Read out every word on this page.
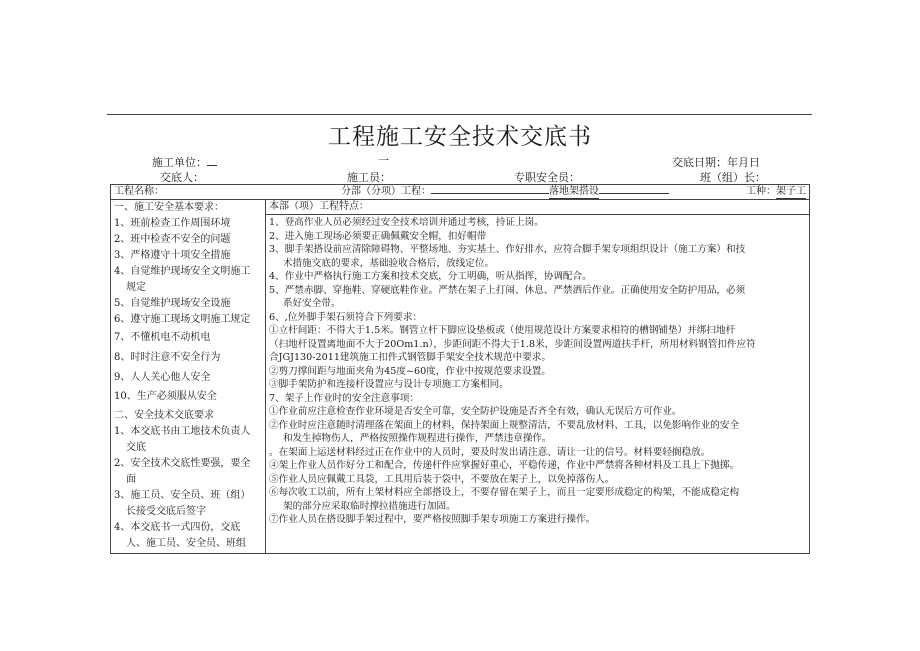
工程施工安全技术交底书
施工单位：	一	交底日期：年月日
交底人：	施工员：	专职安全员：	班（组）长：
工程名称：	分部（分项）工程：	落地架搭设	工种：架子工

一、施工安全基本要求：
1、班前检查工作周围环境
2、班中检查不安全的问题
3、严格遵守十项安全措施
4、自觉维护现场安全文明施工
规定
5、自觉维护现场安全设施
6、遵守施工现场文明施工规定
7、不懂机电不动机电
8、时时注意不安全行为
9、人人关心他人安全
10、生产必须服从安全
二、安全技术交底要求
1、本交底书由工地技术负责人
交底
2、安全技术交底性要强，要全
面
3、施工员、安全员、班（组）
长接受交底后签字
4、本交底书一式四份，交底
人、施工员、安全员、班组

本部（项）工程特点：
1、登高作业人员必须经过安全技术培训并通过考核，持证上岗。
2、进入施工现场必须要正确佩戴安全帽，扣好帽带
3、脚手架搭设前应清除障碍物、平整场地、夯实基土、作好排水，应符合脚手架专项组织设计（施工方案）和技
术措施交底的要求，基础验收合格后，放线定位。
4、作业中严格执行施工方案和技术交底，分工明确，听从指挥，协调配合。
5、严禁赤脚、穿拖鞋、穿硬底鞋作业。严禁在架子上打闹、休息、严禁洒后作业。正确使用安全防护用品，必须
系好安全带。
6、,位外脚手架石须符合下列要求：
①立杆间距：不得大于1.5米。钢管立杆下脚应设垫板或（使用规范设计方案要求相符的槽钢铺垫）并绑扫地杆
（扫地杆设置离地面不大于20Om1.n），步距间距不得大于1.8米，步距间设置两道扶手杆，所用材料钢管扣件应符
合JGJ130-2011建筑施工扣件式钢管脚手架安全技术规范中要求。
②剪刀撑间距与地面夹角为45度~60度，作业中按规范要求设置。
③脚手架防护和连接杆设置应与设计专项施工方案相同。
7、架子上作业时的安全注意事项：
①作业前应注意检查作业环境是否安全可靠，安全防护设施是否齐全有效，确认无误后方可作业。
②作业时应注意随时清理落在架面上的材料，保持架面上规整清洁，不要乱放材料、工具，以免影响作业的安全
和发生掉物伤人，严格按照操作规程进行操作，严禁违章操作。
。在架面上运送材料经过正在作业中的人员时，要及时发出请注意、请让一让的信号。材料要轻搁稳放。
④架上作业人员作好分工和配合，传递杆件应掌握好重心，平稳传递，作业中严禁将各种材料及工具上下抛掷。
⑤作业人员应佩戴工具袋，工具用后装于袋中，不要放在架子上，以免掉落伤人。
⑥每次收工以前，所有上架材料应全部搭设上，不要存留在架子上，而且一定要形成稳定的构架，不能成稳定构
架的部分应采取临时撑拉措施进行加固。
⑦作业人员在搭设脚手架过程中，要严格按照脚手架专项施工方案进行操作。
